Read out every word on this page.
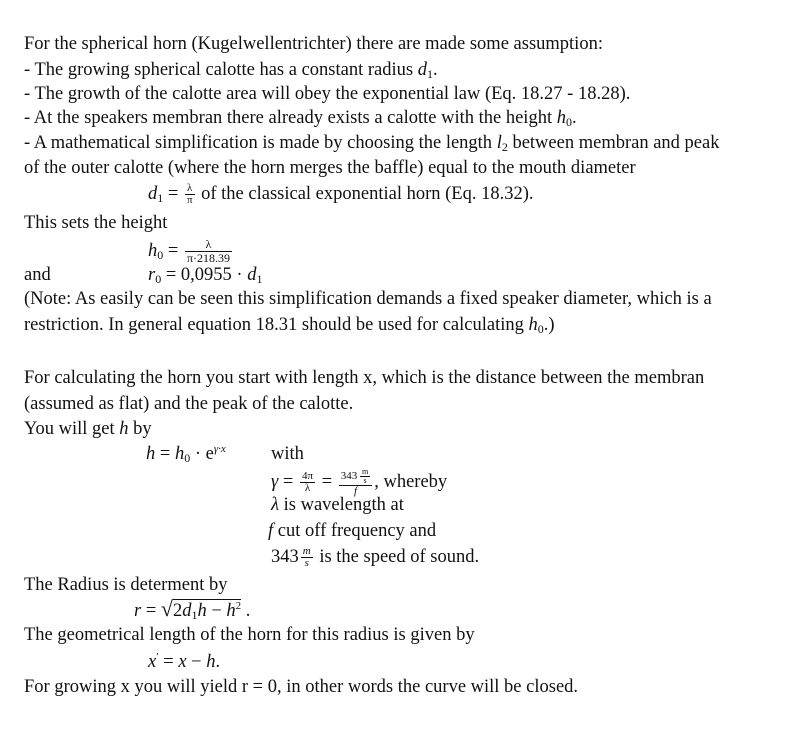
For the spherical horn (Kugelwellentrichter) there are made some assumption:
- The growing spherical calotte has a constant radius $d_1$.
- The growth of the calotte area will obey the exponential law (Eq. 18.27 - 18.28).
- At the speakers membran there already exists a calotte with the height $h_0$.
- A mathematical simplification is made by choosing the length $l_2$ between membran and peak
of the outer calotte (where the horn merges the baffle) equal to the mouth diameter
$d_1 = \frac{\lambda}{\pi}$ of the classical exponential horn (Eq. 18.32).
This sets the height
$h_0 = \frac{\lambda}{\pi\cdot 218.39}$
and	$r_0 = 0,0955 \cdot d_1$
(Note: As easily can be seen this simplification demands a fixed speaker diameter, which is a
restriction. In general equation 18.31 should be used for calculating $h_0$.)
For calculating the horn you start with length x, which is the distance between the membran
(assumed as flat) and the peak of the calotte.
You will get h by
$h = h_0 \cdot e^{\gamma\cdot x}$ with
$\gamma = \frac{4\pi}{\lambda} = \frac{343 \frac{m}{s}}{f}$ , whereby
λ is wavelength at
f cut off frequency and
$343 \frac{m}{s}$ is the speed of sound.
The Radius is determent by
$r = √2d_1h - h^2$ .
The geometrical length of the horn for this radius is given by
x′ = x − h.
For growing x you will yield r = 0, in other words the curve will be closed.
